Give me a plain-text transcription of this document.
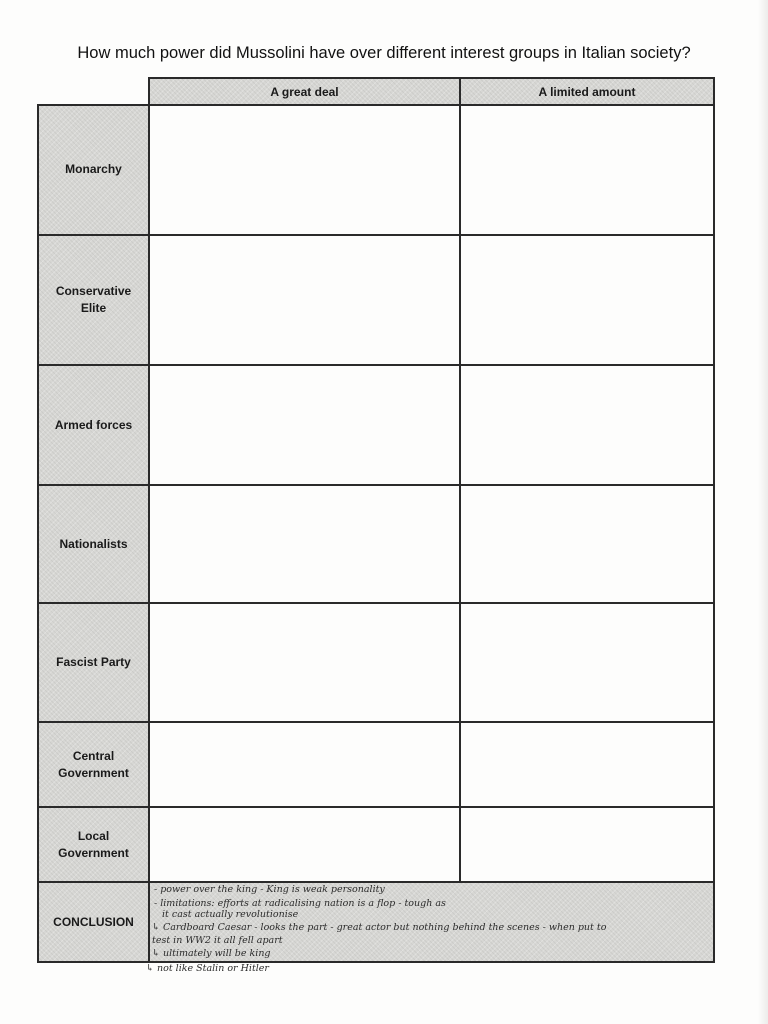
How much power did Mussolini have over different interest groups in Italian society?
A great deal	A limited amount
Monarchy

Conservative
Elite
Armed forces

Nationalists

Fascist Party

Central
Government
Local
Government
CONCLUSION
- power over the king - King is weak personality
- limitations: efforts at radicalising nation is a flop - tough as
it cast actually revolutionise
↳ Cardboard Caesar - looks the part - great actor but nothing behind the scenes - when put to
test in WW2 it all fell apart
↳ ultimately will be king
↳ not like Stalin or Hitler
